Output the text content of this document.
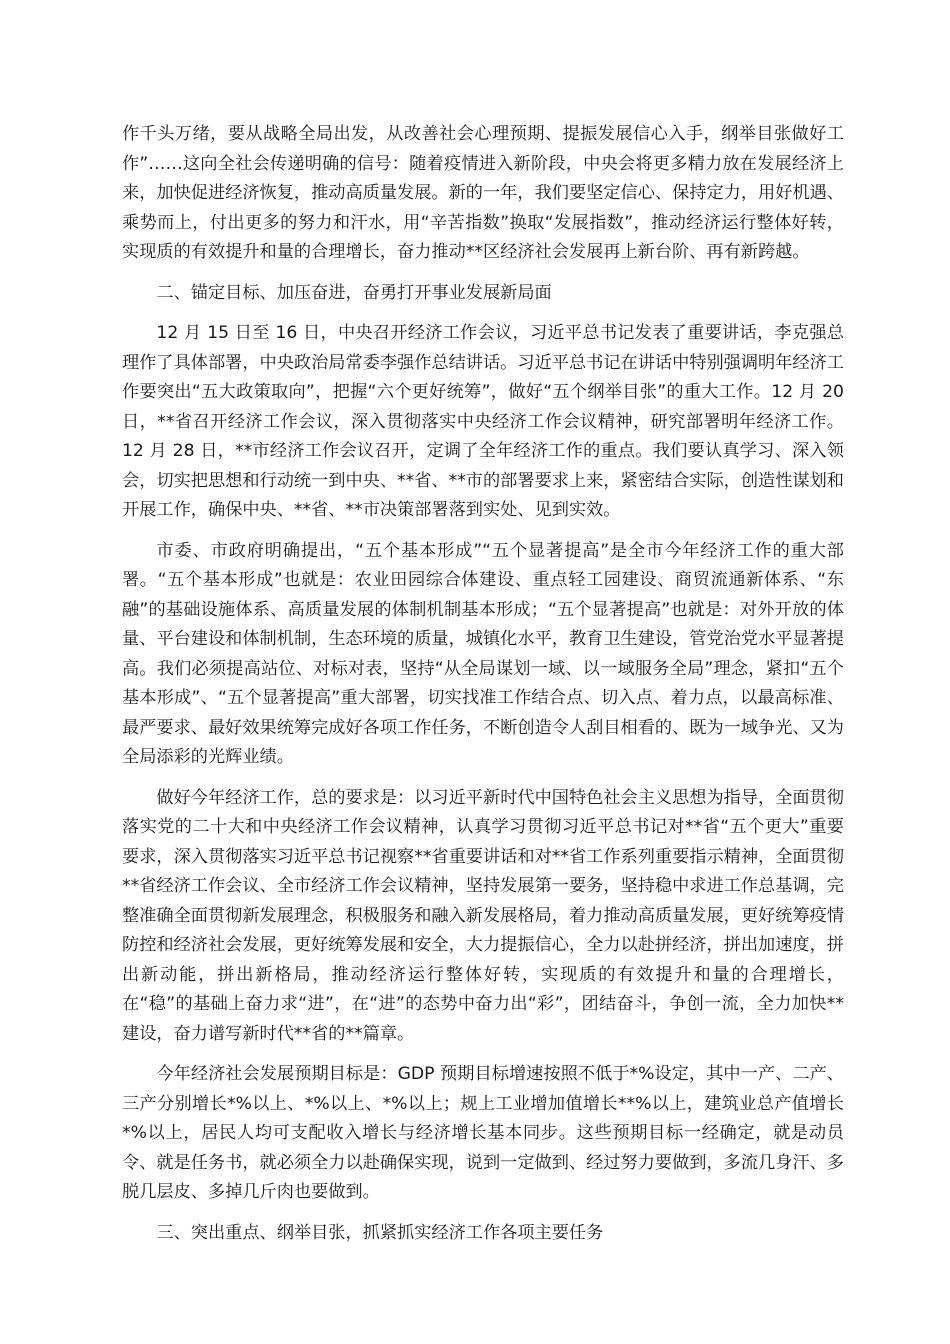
作千头万绪，要从战略全局出发，从改善社会心理预期、提振发展信心入手，纲举目张做好工作”……这向全社会传递明确的信号：随着疫情进入新阶段，中央会将更多精力放在发展经济上来，加快促进经济恢复，推动高质量发展。新的一年，我们要坚定信心、保持定力，用好机遇、乘势而上，付出更多的努力和汗水，用“辛苦指数”换取“发展指数”，推动经济运行整体好转，实现质的有效提升和量的合理增长，奋力推动**区经济社会发展再上新台阶、再有新跨越。

二、锚定目标、加压奋进，奋勇打开事业发展新局面

12 月 15 日至 16 日，中央召开经济工作会议，习近平总书记发表了重要讲话，李克强总理作了具体部署，中央政治局常委李强作总结讲话。习近平总书记在讲话中特别强调明年经济工作要突出“五大政策取向”，把握“六个更好统筹”，做好“五个纲举目张”的重大工作。12 月 20 日，**省召开经济工作会议，深入贯彻落实中央经济工作会议精神，研究部署明年经济工作。12 月 28 日，**市经济工作会议召开，定调了全年经济工作的重点。我们要认真学习、深入领会，切实把思想和行动统一到中央、**省、**市的部署要求上来，紧密结合实际，创造性谋划和开展工作，确保中央、**省、**市决策部署落到实处、见到实效。

市委、市政府明确提出，“五个基本形成”“五个显著提高”是全市今年经济工作的重大部署。“五个基本形成”也就是：农业田园综合体建设、重点轻工园建设、商贸流通新体系、“东融”的基础设施体系、高质量发展的体制机制基本形成；“五个显著提高”也就是：对外开放的体量、平台建设和体制机制，生态环境的质量，城镇化水平，教育卫生建设，管党治党水平显著提高。我们必须提高站位、对标对表，坚持“从全局谋划一域、以一域服务全局”理念，紧扣“五个基本形成”、“五个显著提高”重大部署，切实找准工作结合点、切入点、着力点，以最高标准、最严要求、最好效果统筹完成好各项工作任务，不断创造令人刮目相看的、既为一域争光、又为全局添彩的光辉业绩。

做好今年经济工作，总的要求是：以习近平新时代中国特色社会主义思想为指导，全面贯彻落实党的二十大和中央经济工作会议精神，认真学习贯彻习近平总书记对**省“五个更大”重要要求，深入贯彻落实习近平总书记视察**省重要讲话和对**省工作系列重要指示精神，全面贯彻**省经济工作会议、全市经济工作会议精神，坚持发展第一要务，坚持稳中求进工作总基调，完整准确全面贯彻新发展理念，积极服务和融入新发展格局，着力推动高质量发展，更好统筹疫情防控和经济社会发展，更好统筹发展和安全，大力提振信心，全力以赴拼经济，拼出加速度，拼出新动能，拼出新格局，推动经济运行整体好转，实现质的有效提升和量的合理增长，在“稳”的基础上奋力求“进”，在“进”的态势中奋力出“彩”，团结奋斗，争创一流，全力加快**建设，奋力谱写新时代**省的**篇章。

今年经济社会发展预期目标是：GDP 预期目标增速按照不低于*%设定，其中一产、二产、三产分别增长*%以上、*%以上、*%以上；规上工业增加值增长**%以上，建筑业总产值增长*%以上，居民人均可支配收入增长与经济增长基本同步。这些预期目标一经确定，就是动员令、就是任务书，就必须全力以赴确保实现，说到一定做到、经过努力要做到，多流几身汗、多脱几层皮、多掉几斤肉也要做到。

三、突出重点、纲举目张，抓紧抓实经济工作各项主要任务
